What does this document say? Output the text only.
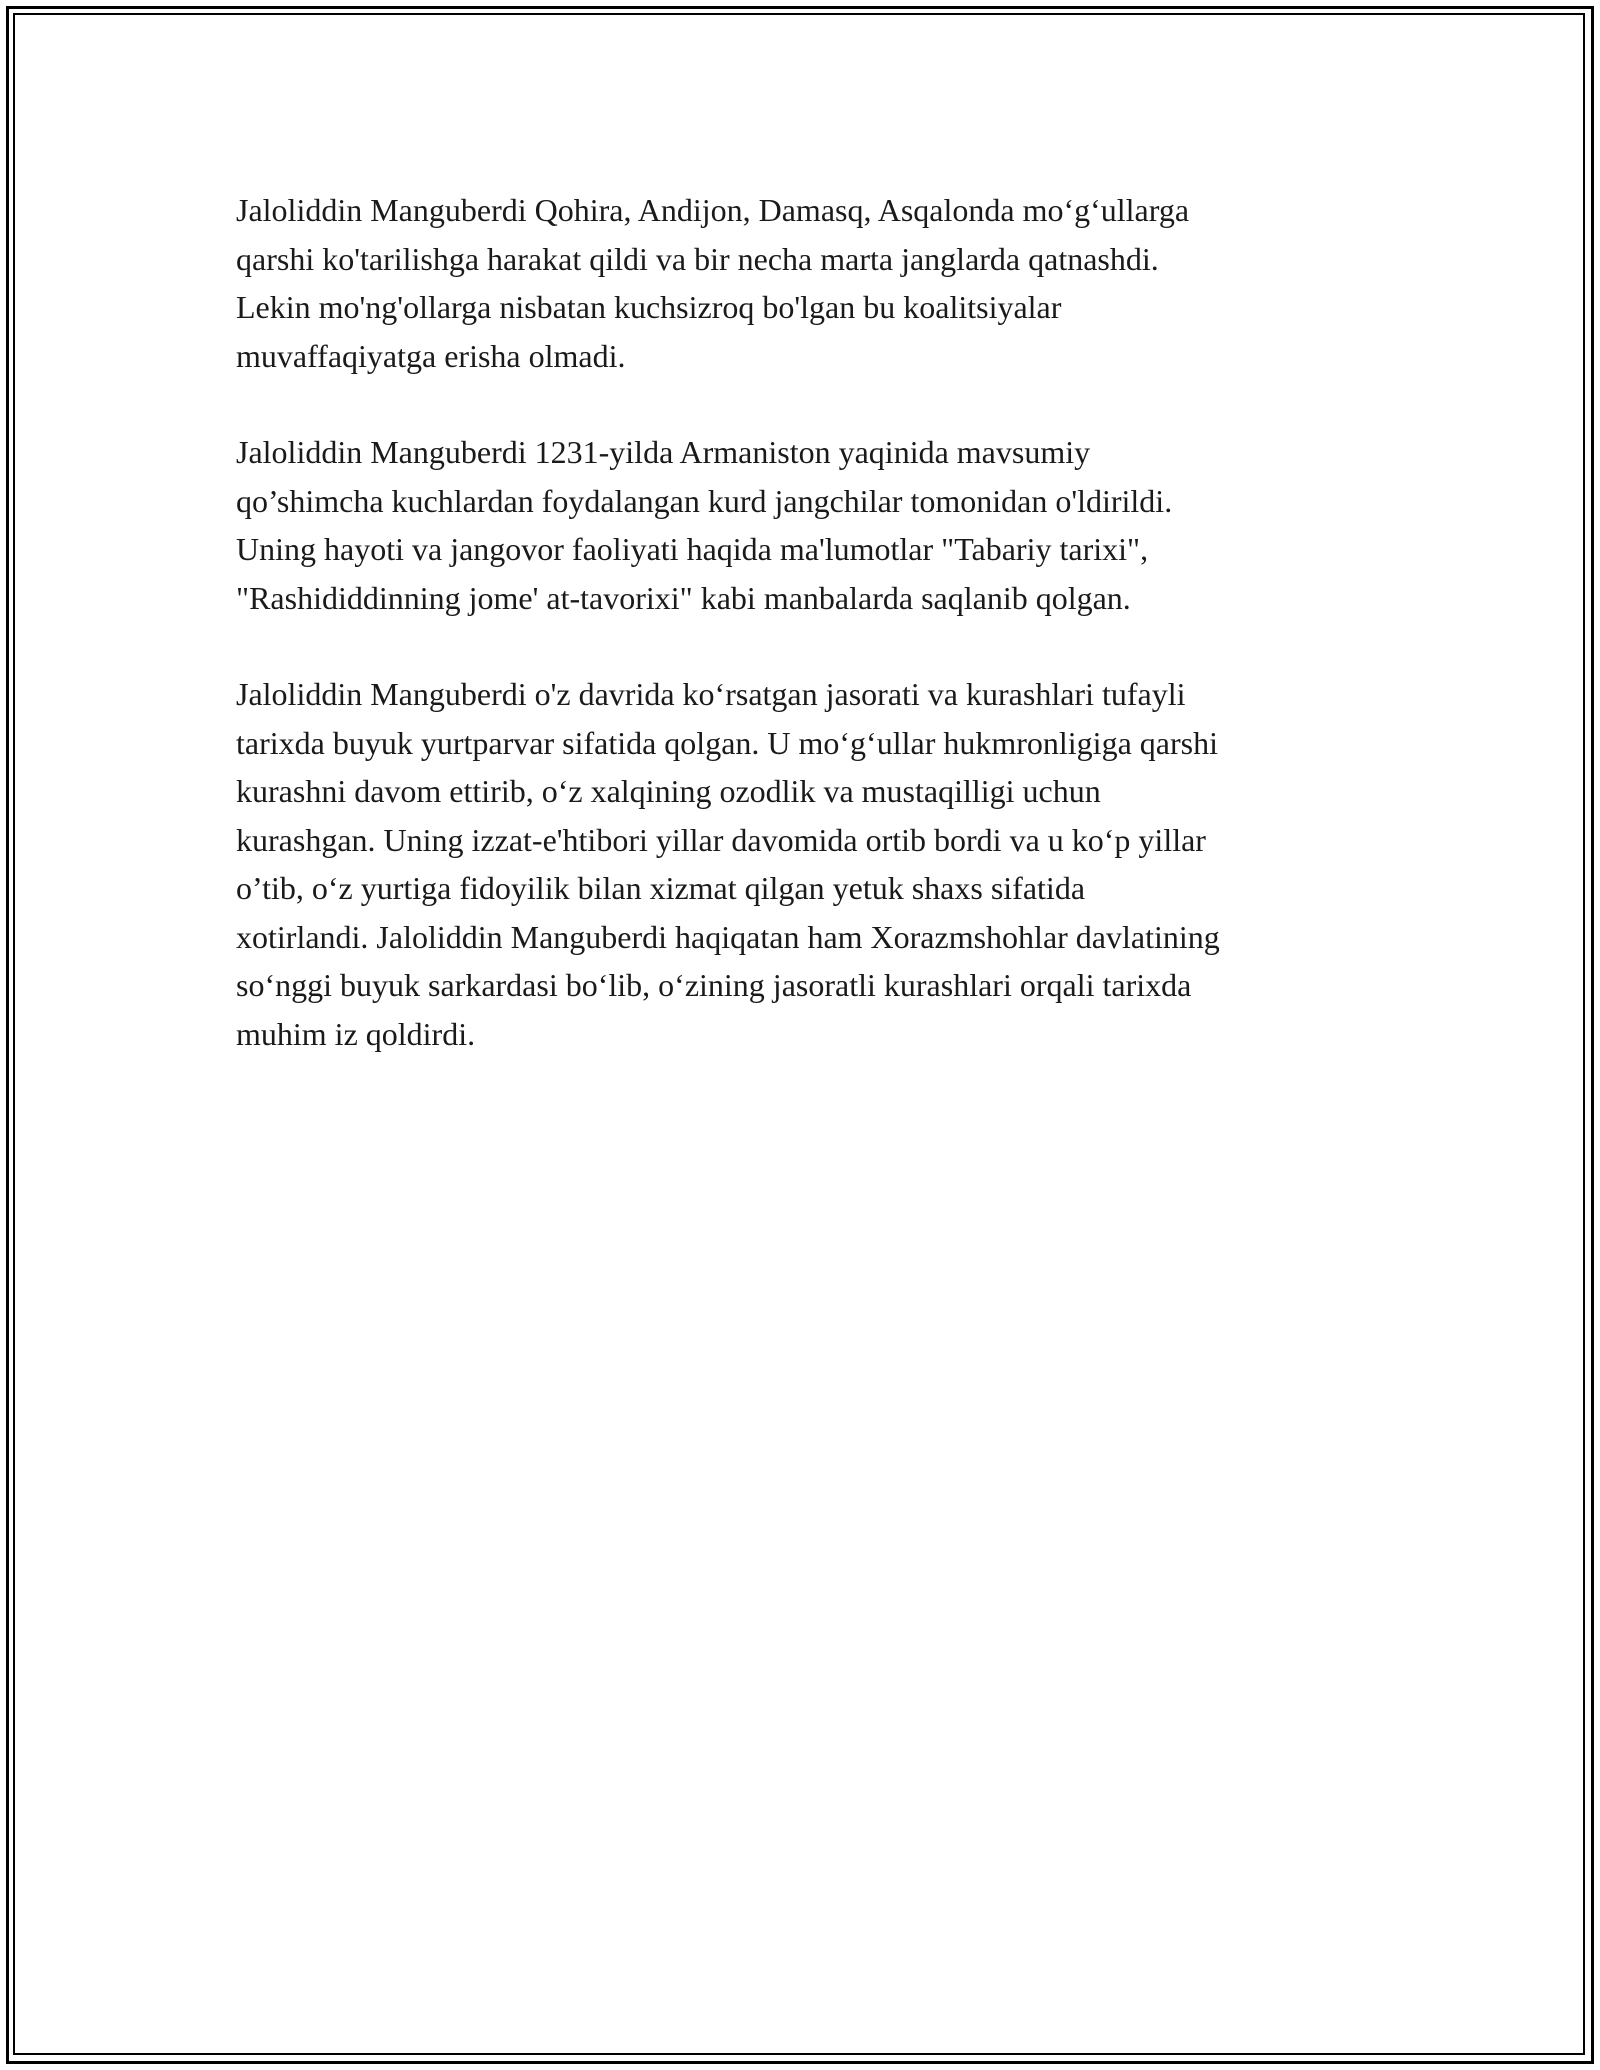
Jaloliddin Manguberdi Qohira, Andijon, Damasq, Asqalonda mo‘g‘ullarga
qarshi ko'tarilishga harakat qildi va bir necha marta janglarda qatnashdi.
Lekin mo'ng'ollarga nisbatan kuchsizroq bo'lgan bu koalitsiyalar
muvaffaqiyatga erisha olmadi.

Jaloliddin Manguberdi 1231-yilda Armaniston yaqinida mavsumiy
qo’shimcha kuchlardan foydalangan kurd jangchilar tomonidan o'ldirildi.
Uning hayoti va jangovor faoliyati haqida ma'lumotlar "Tabariy tarixi",
"Rashididdinning jome' at-tavorixi" kabi manbalarda saqlanib qolgan.

Jaloliddin Manguberdi o'z davrida ko‘rsatgan jasorati va kurashlari tufayli
tarixda buyuk yurtparvar sifatida qolgan. U mo‘g‘ullar hukmronligiga qarshi
kurashni davom ettirib, o‘z xalqining ozodlik va mustaqilligi uchun
kurashgan. Uning izzat-e'htibori yillar davomida ortib bordi va u ko‘p yillar
o’tib, o‘z yurtiga fidoyilik bilan xizmat qilgan yetuk shaxs sifatida
xotirlandi. Jaloliddin Manguberdi haqiqatan ham Xorazmshohlar davlatining
so‘nggi buyuk sarkardasi bo‘lib, o‘zining jasoratli kurashlari orqali tarixda
muhim iz qoldirdi.
